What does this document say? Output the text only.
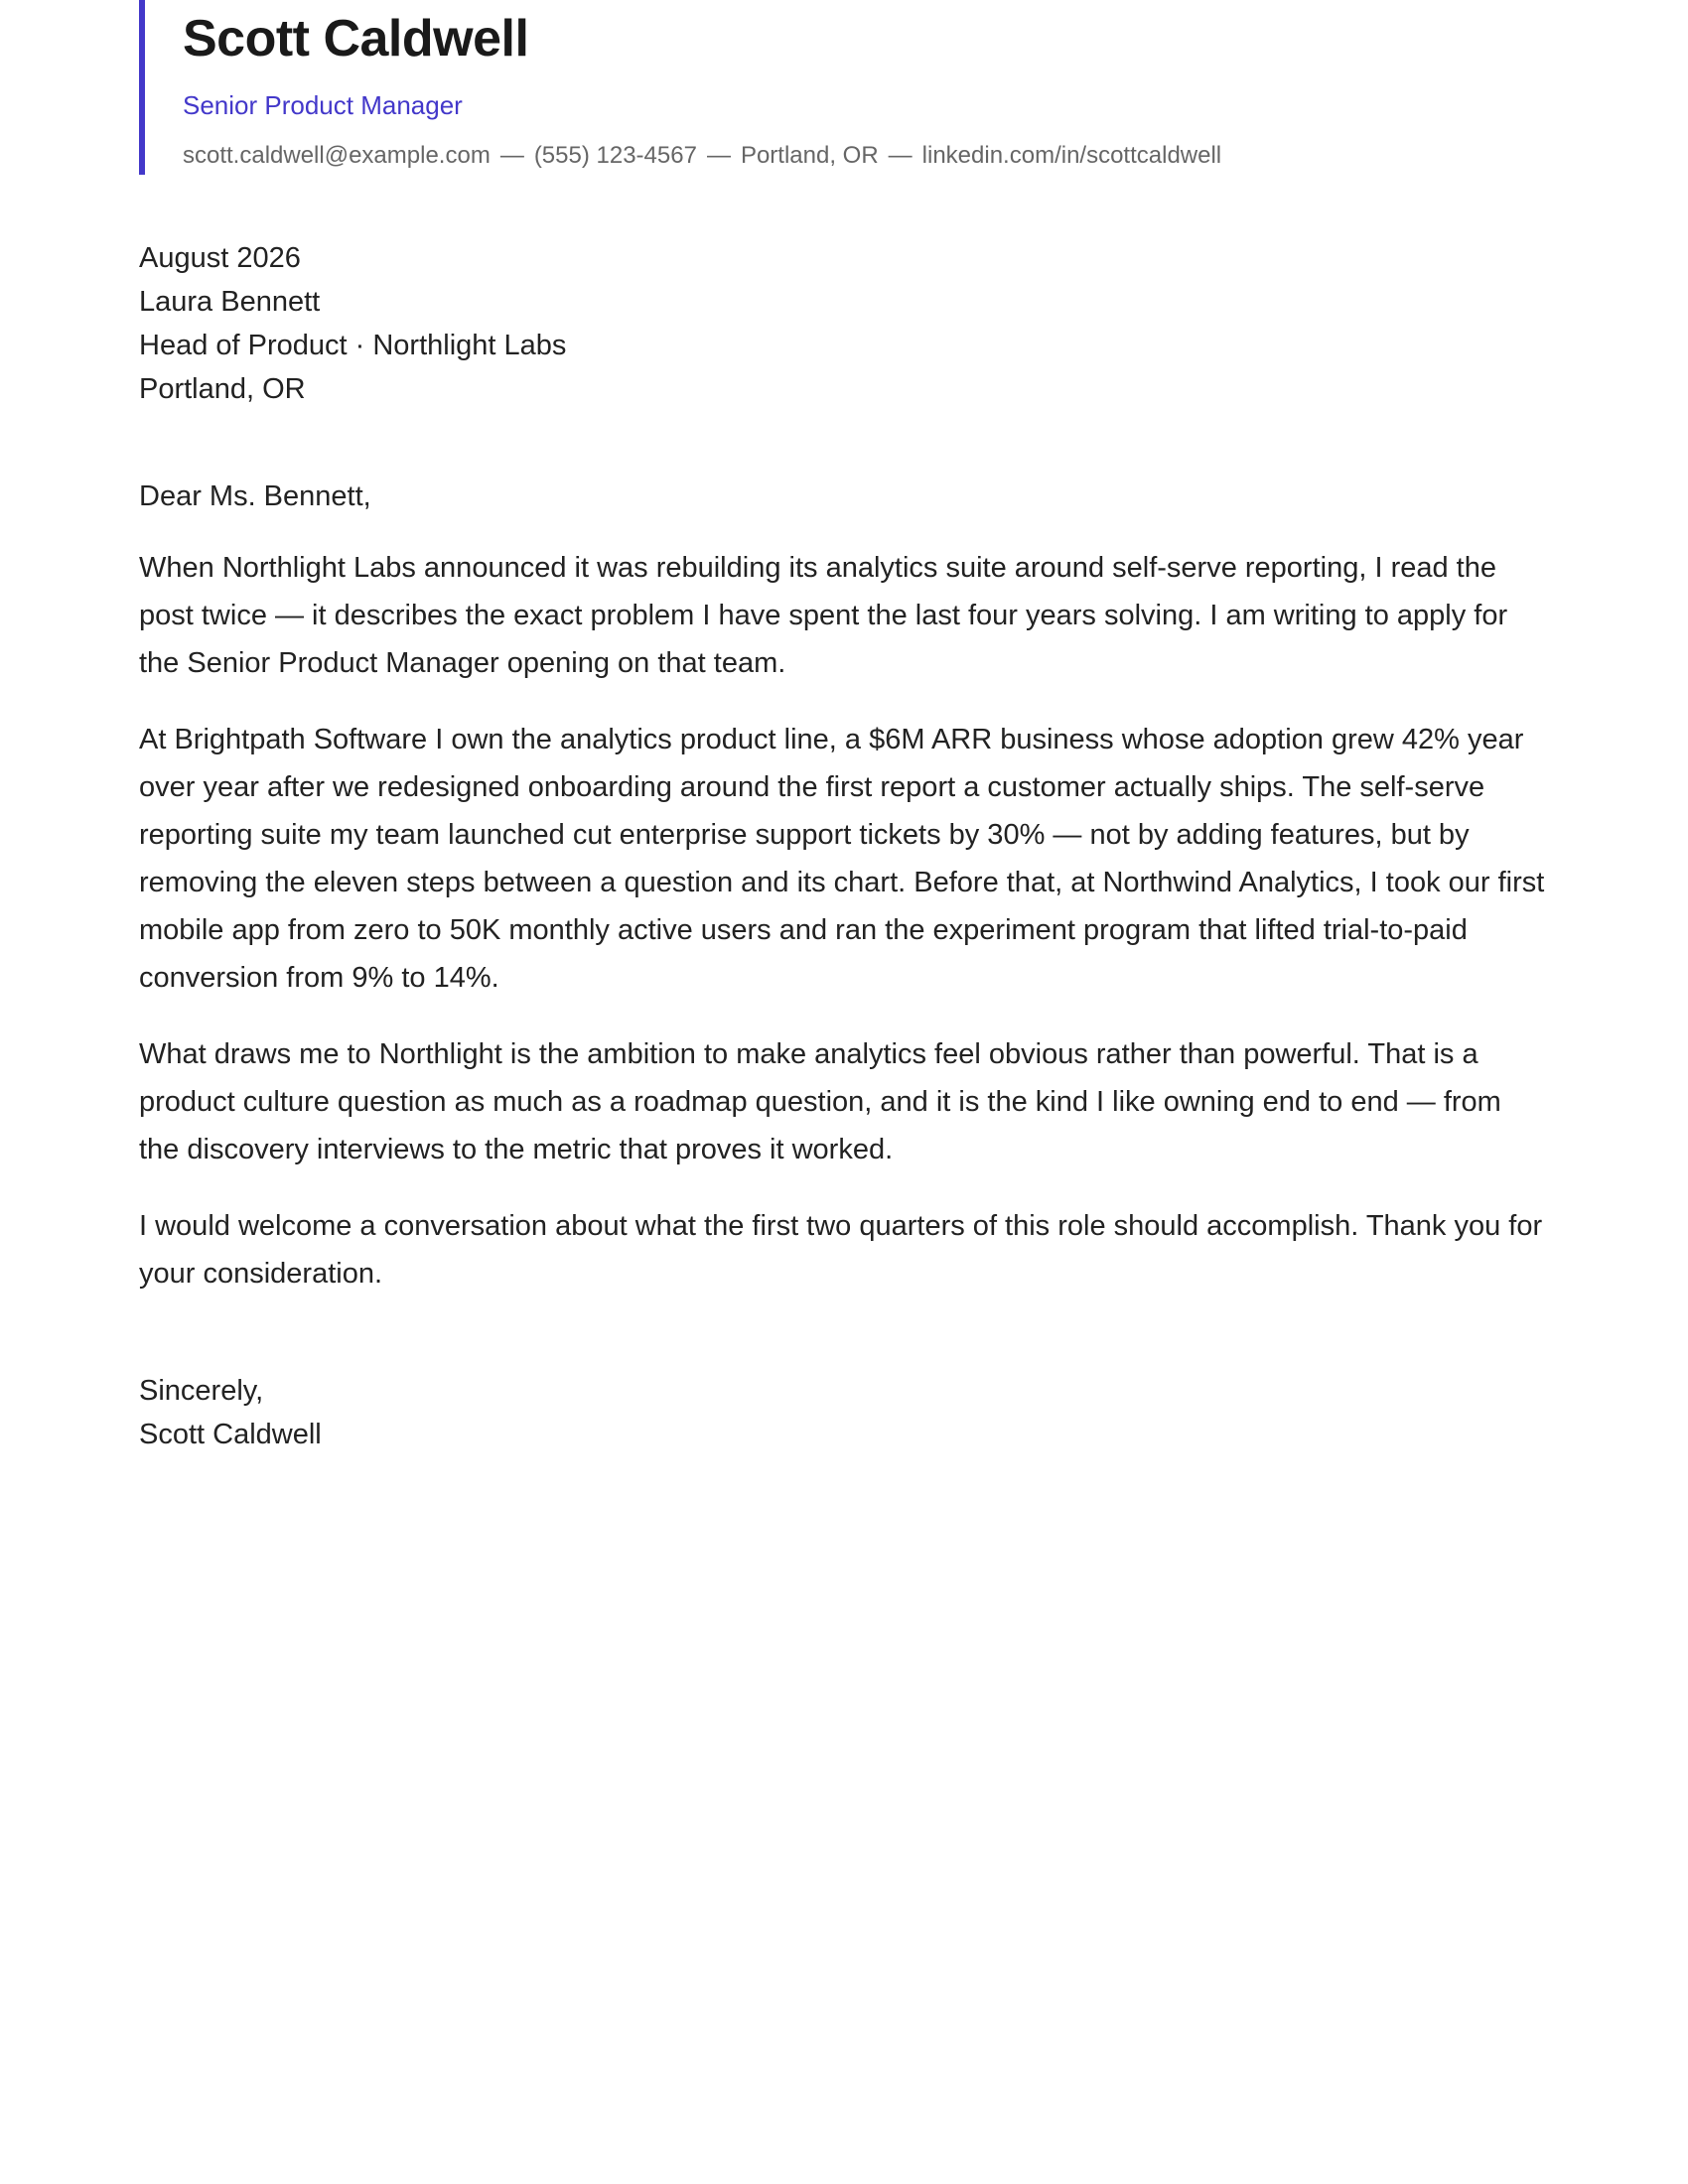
Scott Caldwell
Senior Product Manager
scott.caldwell@example.com — (555) 123-4567 — Portland, OR — linkedin.com/in/scottcaldwell
August 2026
Laura Bennett
Head of Product · Northlight Labs
Portland, OR
Dear Ms. Bennett,

When Northlight Labs announced it was rebuilding its analytics suite around self-serve reporting, I read the post twice — it describes the exact problem I have spent the last four years solving. I am writing to apply for the Senior Product Manager opening on that team.

At Brightpath Software I own the analytics product line, a $6M ARR business whose adoption grew 42% year over year after we redesigned onboarding around the first report a customer actually ships. The self-serve reporting suite my team launched cut enterprise support tickets by 30% — not by adding features, but by removing the eleven steps between a question and its chart. Before that, at Northwind Analytics, I took our first mobile app from zero to 50K monthly active users and ran the experiment program that lifted trial-to-paid conversion from 9% to 14%.

What draws me to Northlight is the ambition to make analytics feel obvious rather than powerful. That is a product culture question as much as a roadmap question, and it is the kind I like owning end to end — from the discovery interviews to the metric that proves it worked.

I would welcome a conversation about what the first two quarters of this role should accomplish. Thank you for your consideration.

Sincerely,
Scott Caldwell
